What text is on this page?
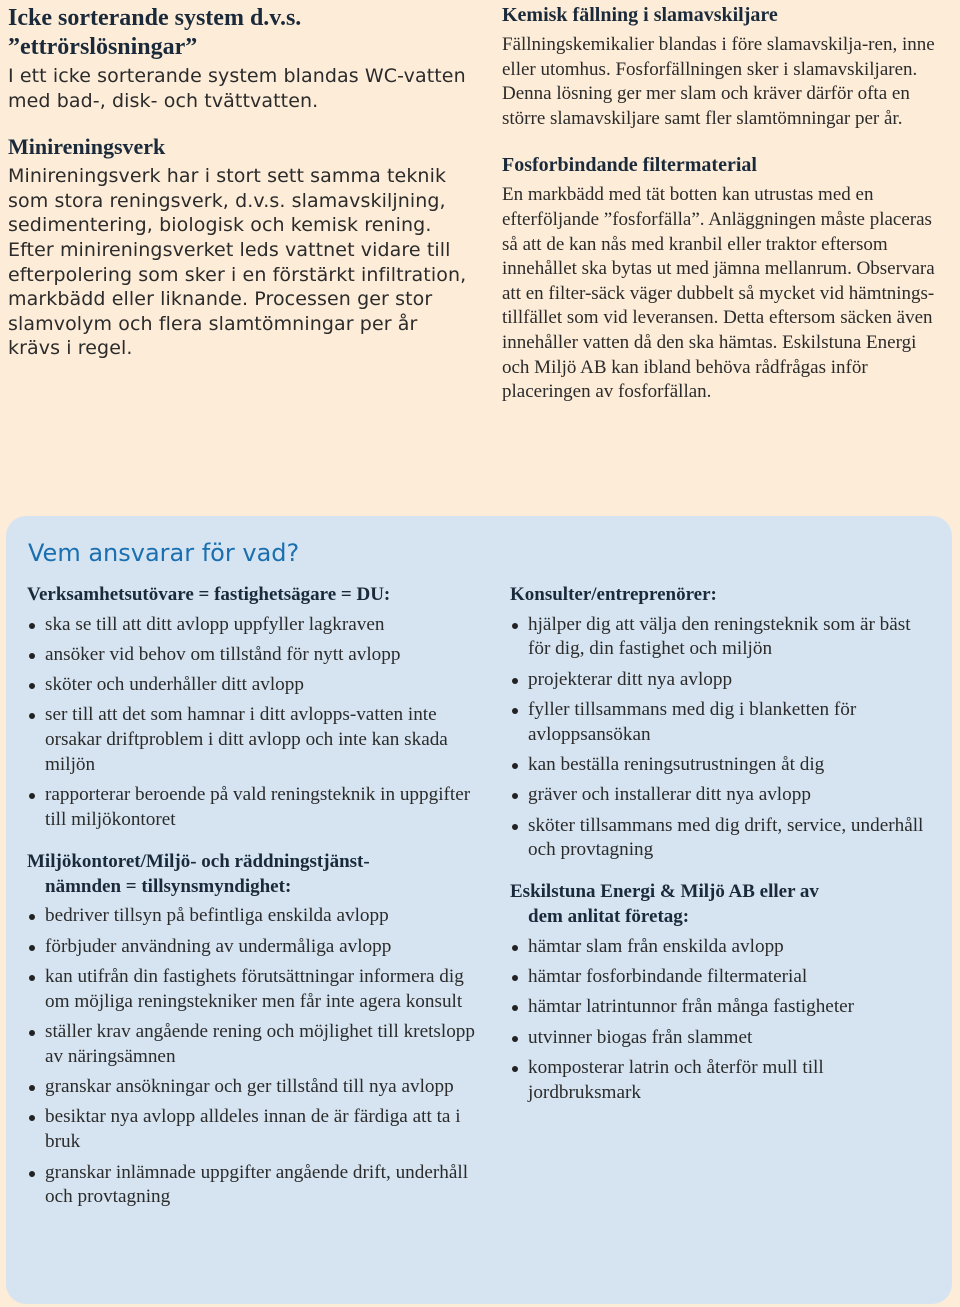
Icke sorterande system d.v.s.
”ettrörslösningar”

I ett icke sorterande system blandas WC-vatten med bad-, disk- och tvättvatten.

Minireningsverk

Minireningsverk har i stort sett samma teknik som stora reningsverk, d.v.s. slamavskiljning, sedimentering, biologisk och kemisk rening. Efter minireningsverket leds vattnet vidare till efterpolering som sker i en förstärkt infiltration, markbädd eller liknande. Processen ger stor slamvolym och flera slamtömningar per år krävs i regel.

Kemisk fällning i slamavskiljare

Fällningskemikalier blandas i före slamavskilja-ren, inne eller utomhus. Fosforfällningen sker i slamavskiljaren. Denna lösning ger mer slam och kräver därför ofta en större slamavskiljare samt fler slamtömningar per år.

Fosforbindande filtermaterial

En markbädd med tät botten kan utrustas med en efterföljande ”fosforfälla”. Anläggningen måste placeras så att de kan nås med kranbil eller traktor eftersom innehållet ska bytas ut med jämna mellanrum. Observara att en filter-säck väger dubbelt så mycket vid hämtnings-tillfället som vid leveransen. Detta eftersom säcken även innehåller vatten då den ska hämtas. Eskilstuna Energi och Miljö AB kan ibland behöva rådfrågas inför placeringen av fosforfällan.

Vem ansvarar för vad?

Verksamhetsutövare = fastighetsägare = DU:

ska se till att ditt avlopp uppfyller lagkraven
ansöker vid behov om tillstånd för nytt avlopp
sköter och underhåller ditt avlopp
ser till att det som hamnar i ditt avlopps-vatten inte orsakar driftproblem i ditt avlopp och inte kan skada miljön
rapporterar beroende på vald reningsteknik in uppgifter till miljökontoret

Miljökontoret/Miljö- och räddningstjänst-
nämnden = tillsynsmyndighet:

bedriver tillsyn på befintliga enskilda avlopp
förbjuder användning av undermåliga avlopp
kan utifrån din fastighets förutsättningar informera dig om möjliga reningstekniker men får inte agera konsult
ställer krav angående rening och möjlighet till kretslopp av näringsämnen
granskar ansökningar och ger tillstånd till nya avlopp
besiktar nya avlopp alldeles innan de är färdiga att ta i bruk
granskar inlämnade uppgifter angående drift, underhåll och provtagning

Konsulter/entreprenörer:

hjälper dig att välja den reningsteknik som är bäst för dig, din fastighet och miljön
projekterar ditt nya avlopp
fyller tillsammans med dig i blanketten för avloppsansökan
kan beställa reningsutrustningen åt dig
gräver och installerar ditt nya avlopp
sköter tillsammans med dig drift, service, underhåll och provtagning

Eskilstuna Energi & Miljö AB eller av
dem anlitat företag:

hämtar slam från enskilda avlopp
hämtar fosforbindande filtermaterial
hämtar latrintunnor från många fastigheter
utvinner biogas från slammet
komposterar latrin och återför mull till jordbruksmark
